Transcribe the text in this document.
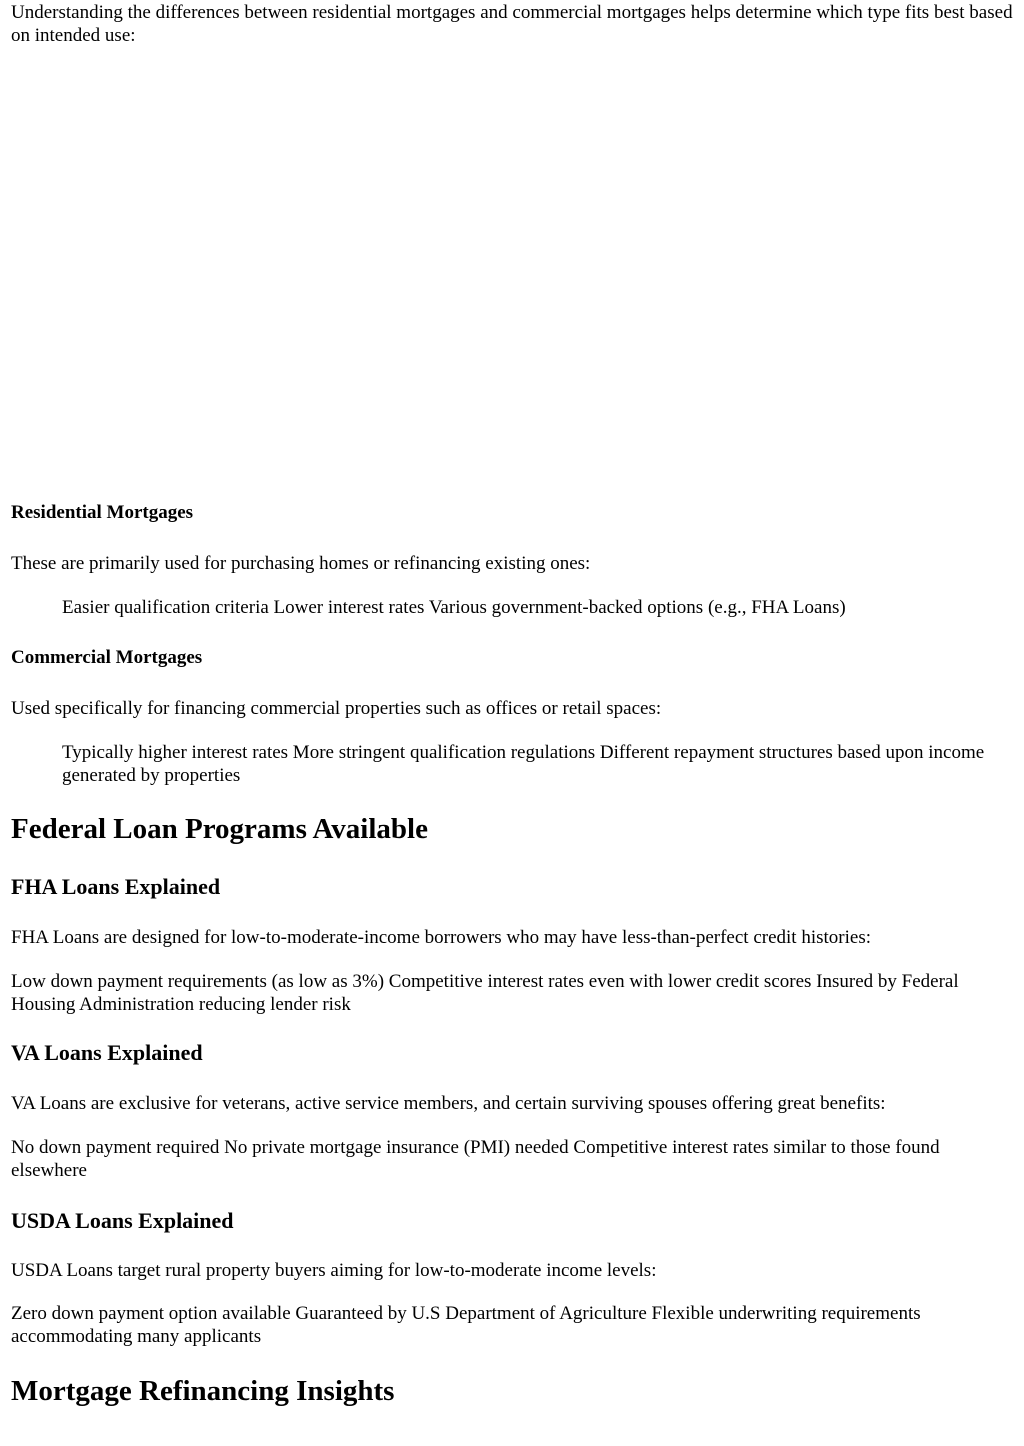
Understanding the differences between residential mortgages and commercial mortgages helps determine which type fits best based on intended use:

Residential Mortgages

These are primarily used for purchasing homes or refinancing existing ones:

Easier qualification criteria Lower interest rates Various government-backed options (e.g., FHA Loans)

Commercial Mortgages

Used specifically for financing commercial properties such as offices or retail spaces:

Typically higher interest rates More stringent qualification regulations Different repayment structures based upon income generated by properties

Federal Loan Programs Available
FHA Loans Explained

FHA Loans are designed for low-to-moderate-income borrowers who may have less-than-perfect credit histories:

Low down payment requirements (as low as 3%) Competitive interest rates even with lower credit scores Insured by Federal Housing Administration reducing lender risk

VA Loans Explained

VA Loans are exclusive for veterans, active service members, and certain surviving spouses offering great benefits:

No down payment required No private mortgage insurance (PMI) needed Competitive interest rates similar to those found elsewhere

USDA Loans Explained

USDA Loans target rural property buyers aiming for low-to-moderate income levels:

Zero down payment option available Guaranteed by U.S Department of Agriculture Flexible underwriting requirements accommodating many applicants

Mortgage Refinancing Insights
